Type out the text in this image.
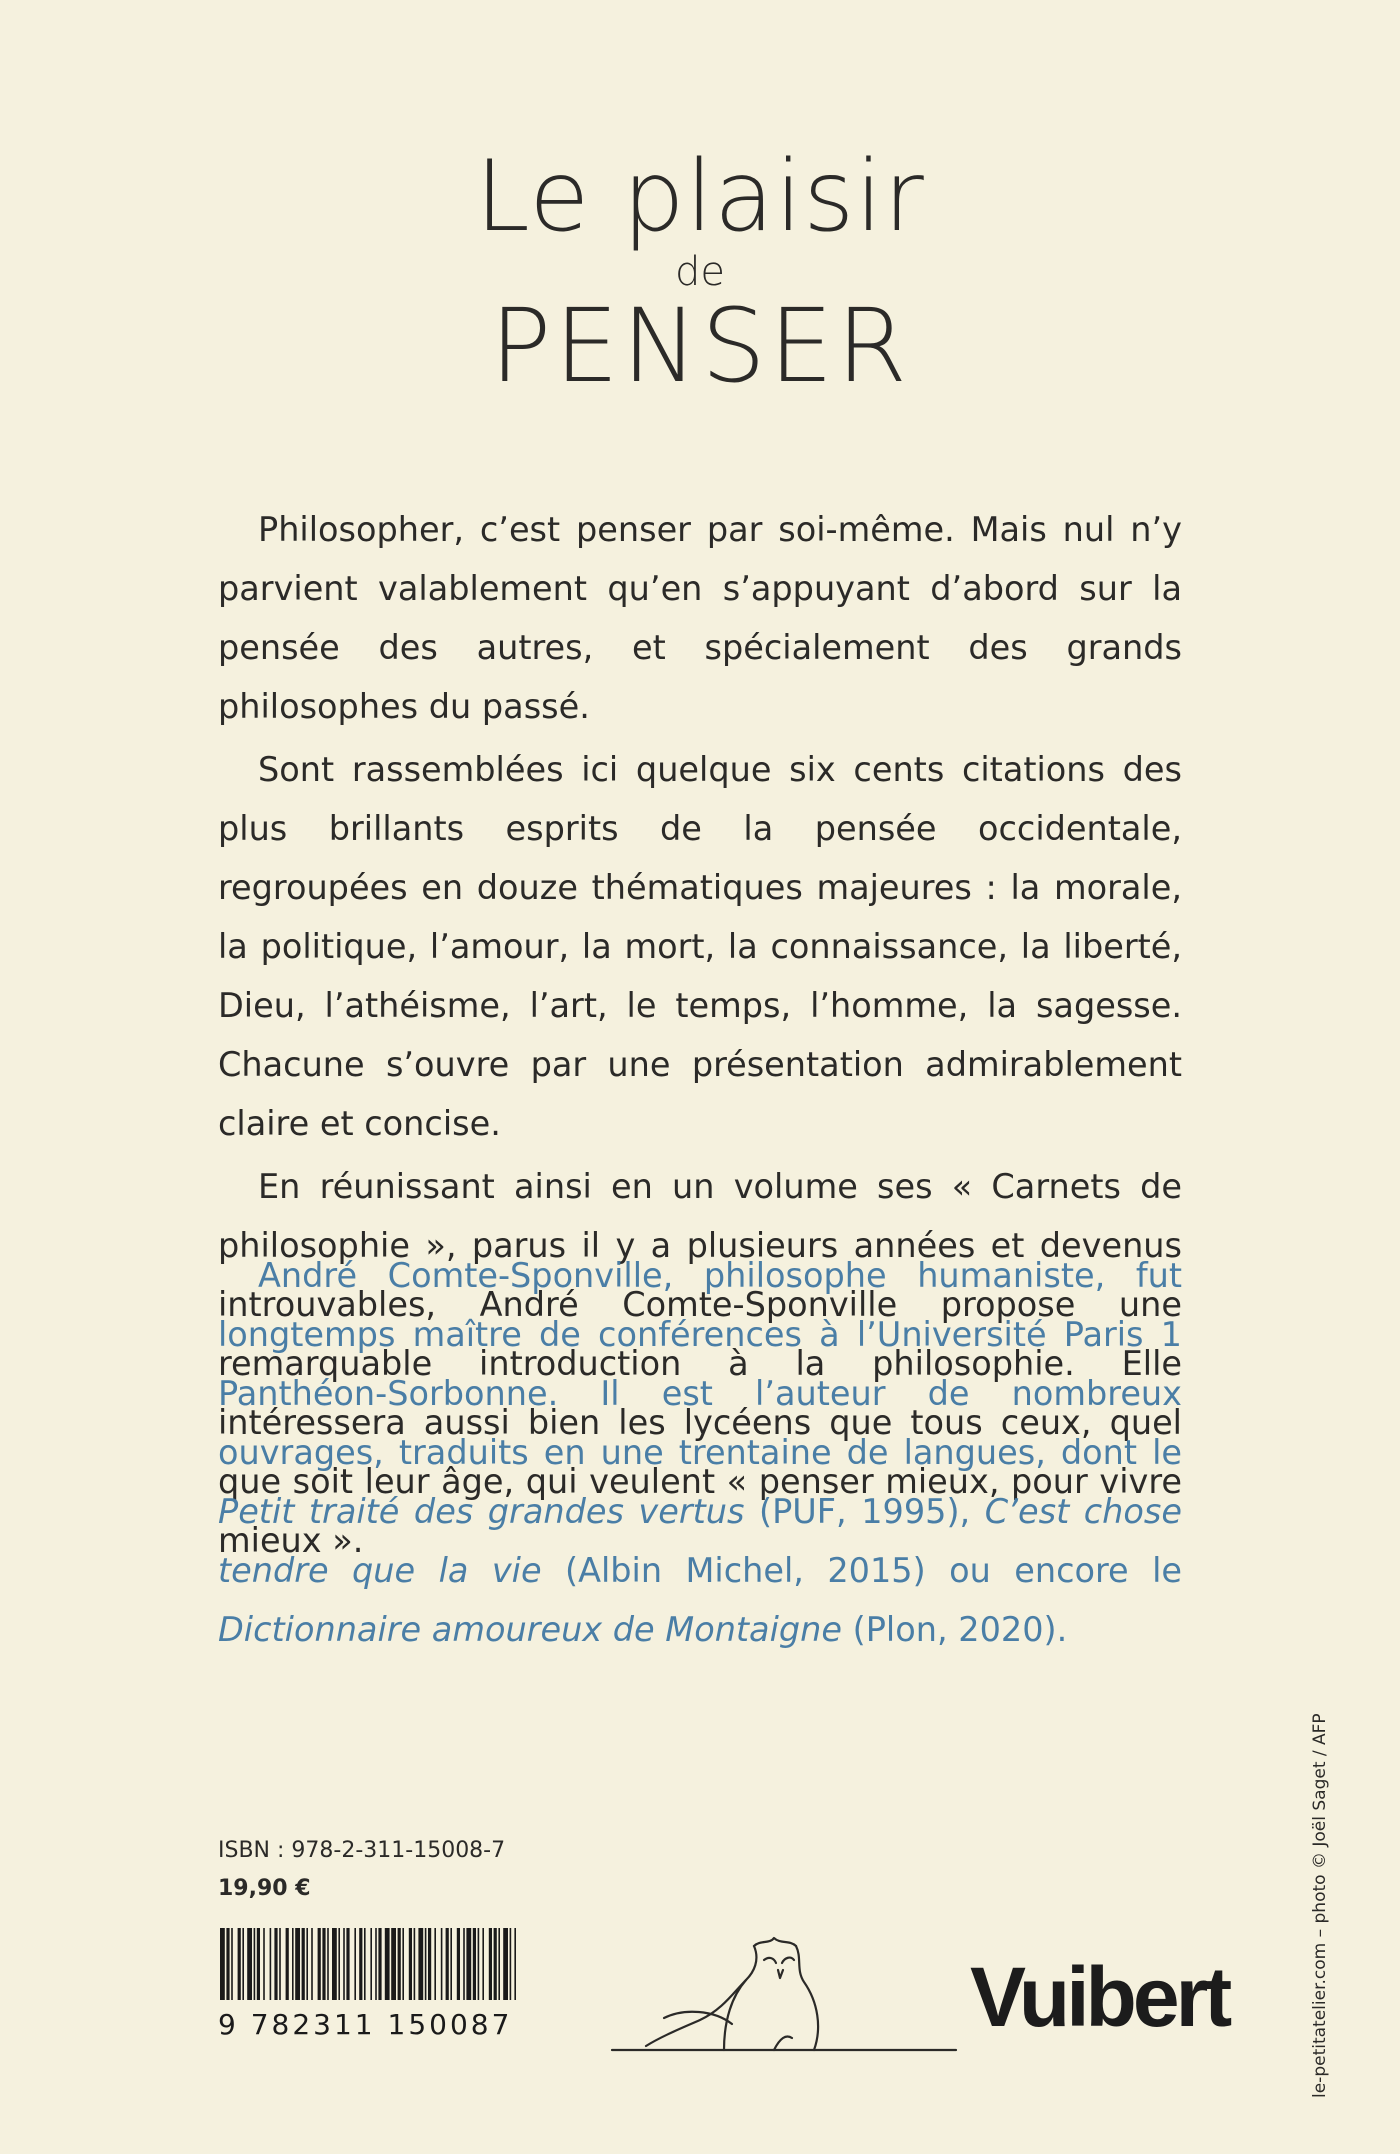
Le plaisir
de
PENSER

Philosopher, c’est penser par soi-même. Mais nul n’y parvient valablement qu’en s’appuyant d’abord sur la pensée des autres, et spécialement des grands philosophes du passé.

Sont rassemblées ici quelque six cents citations des plus brillants esprits de la pensée occidentale, regroupées en douze thématiques majeures : la morale, la politique, l’amour, la mort, la connaissance, la liberté, Dieu, l’athéisme, l’art, le temps, l’homme, la sagesse. Chacune s’ouvre par une présentation admirablement claire et concise.

En réunissant ainsi en un volume ses « Carnets de philosophie », parus il y a plusieurs années et devenus introuvables, André Comte-Sponville propose une remarquable introduction à la philosophie. Elle intéressera aussi bien les lycéens que tous ceux, quel que soit leur âge, qui veulent « penser mieux, pour vivre mieux ».

André Comte-Sponville, philosophe humaniste, fut longtemps maître de conférences à l’Université Paris 1 Panthéon-Sorbonne. Il est l’auteur de nombreux ouvrages, traduits en une trentaine de langues, dont le Petit traité des grandes vertus (PUF, 1995), C’est chose tendre que la vie (Albin Michel, 2015) ou encore le Dictionnaire amoureux de Montaigne (Plon, 2020).

ISBN : 978-2-311-15008-7
19,90 €
9 782311 150087	Vuibert	le-petitatelier.com – photo © Joël Saget / AFP
